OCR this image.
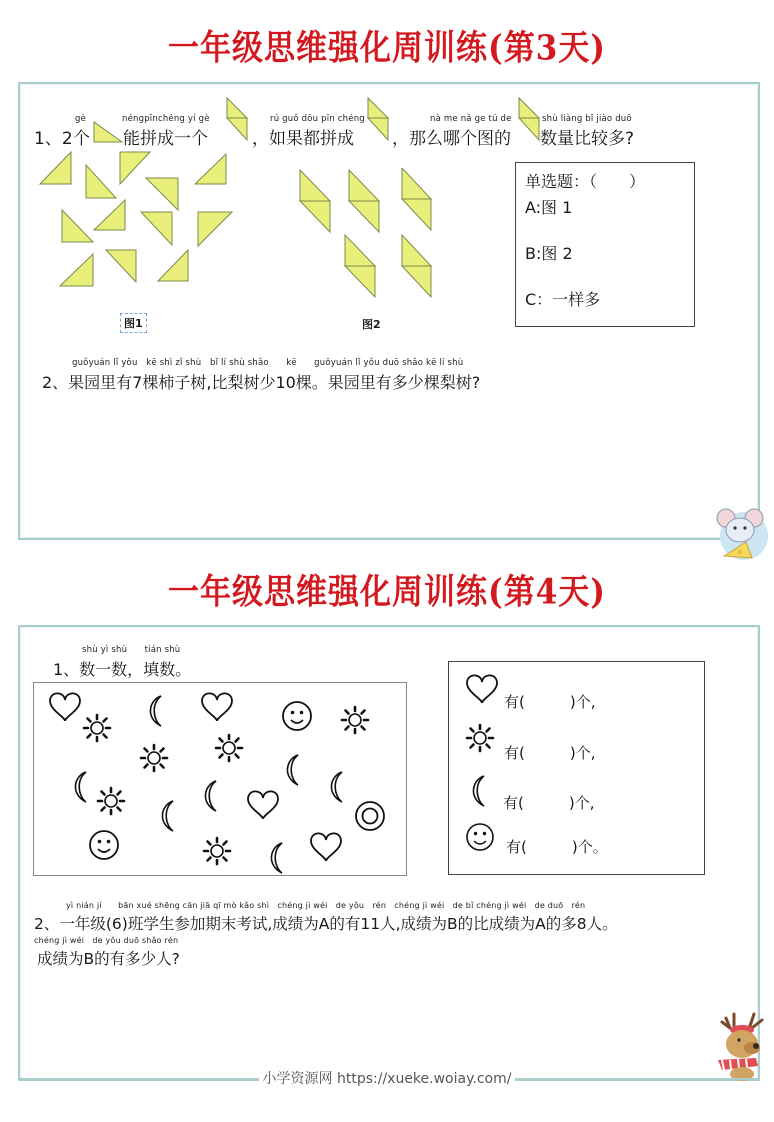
一年级思维强化周训练(第3天)
gè	néngpīnchéng yí gè	rú guǒ dōu pīn chéng	nà me nǎ ge tú de	shù liàng bǐ jiào duō
1、2 个 能拼成一个	，如果都拼成 ，那么哪个图的 数量比较多?
图1	图2
单选题：（　　）
A:图 1
B:图 2
C：一样多
guǒyuán lǐ yǒu　kē shì zǐ shù　bǐ lí shù shǎo　　kē　　guǒyuán lǐ yǒu duō shǎo kē lí shù
2、果园里有7棵柿子树,比梨树少10棵。果园里有多少棵梨树?
一年级思维强化周训练(第4天)
shù yì shù　　tián shù
1、数一数，填数。
有(　　　)个,
有(　　　)个,
有(　　　)个,
有(　　　)个。
yì nián jí　　bān xué shēng cān jiā qī mò kǎo shì　chéng jì wéi　de yǒu　rén　chéng jì wéi　de bǐ chéng jì wéi　de duō　rén
2、一年级(6)班学生参加期末考试,成绩为A的有11人,成绩为B的比成绩为A的多8人。
chéng jì wéi　de yǒu duō shǎo rén
成绩为B的有多少人?
小学资源网 https://xueke.woiay.com/
